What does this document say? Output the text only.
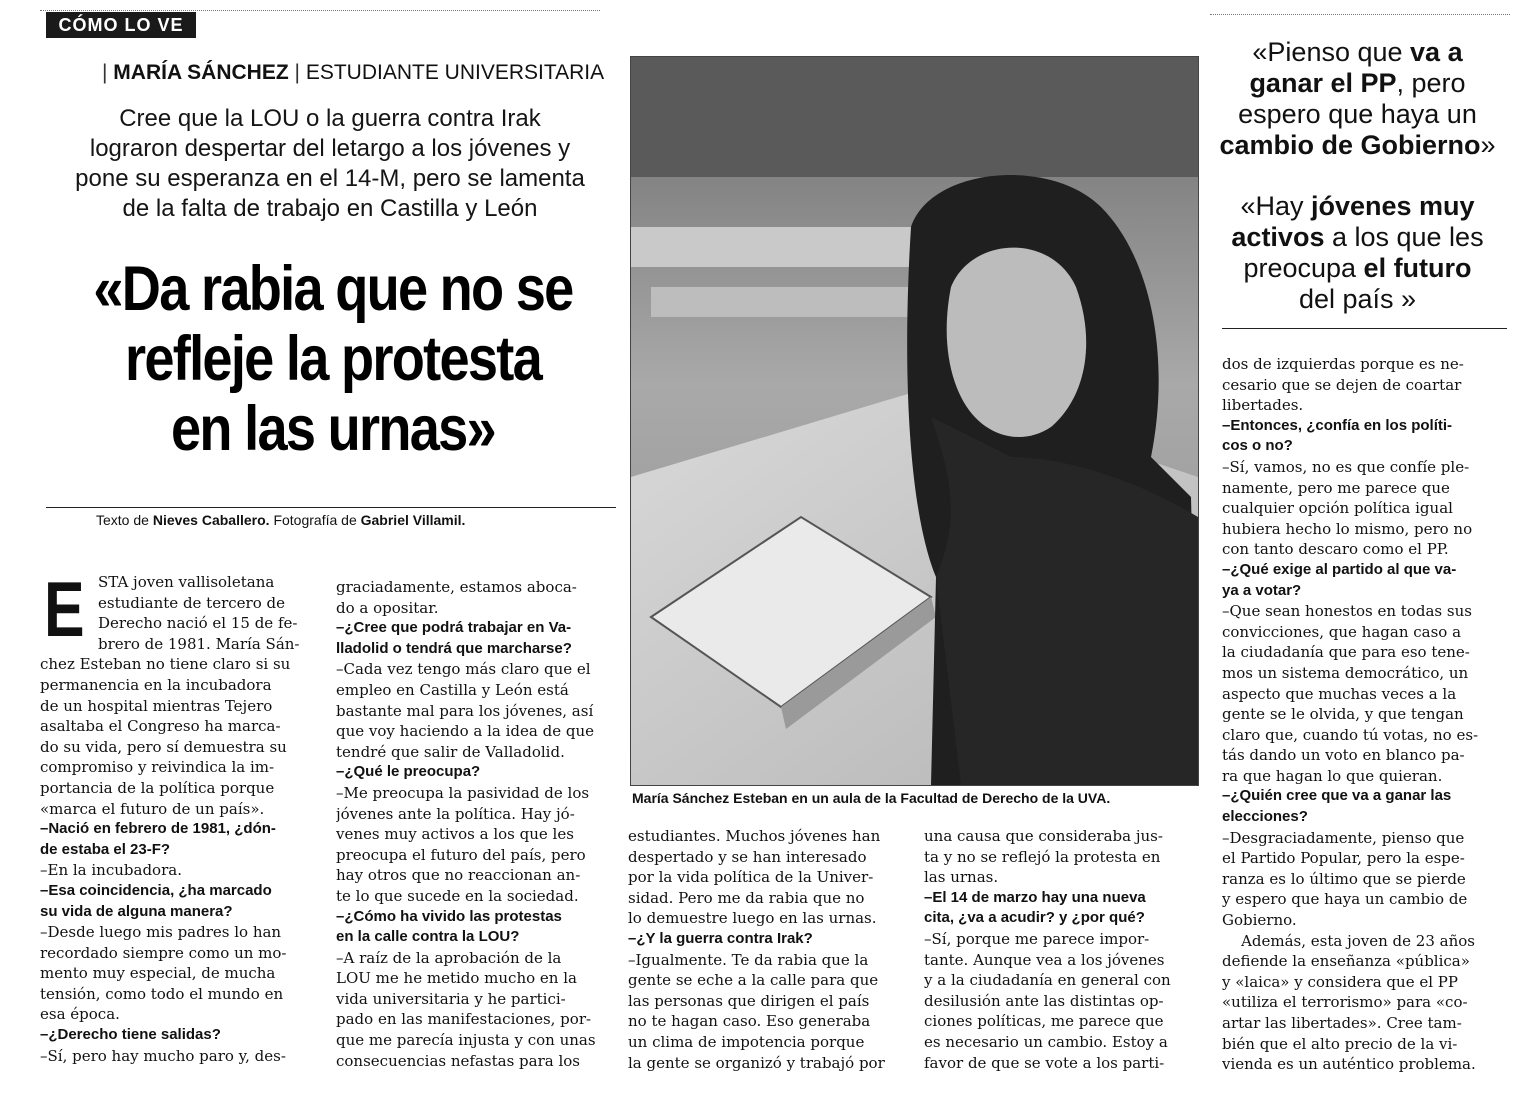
CÓMO LO VE
| MARÍA SÁNCHEZ | ESTUDIANTE UNIVERSITARIA
Cree que la LOU o la guerra contra Irak
lograron despertar del letargo a los jóvenes y
pone su esperanza en el 14-M, pero se lamenta
de la falta de trabajo en Castilla y León
«Da rabia que no se
refleje la protesta
en las urnas»
Texto de Nieves Caballero. Fotografía de Gabriel Villamil.
E STA joven vallisoletana
estudiante de tercero de
Derecho nació el 15 de fe-
brero de 1981. María Sán-
chez Esteban no tiene claro si su
permanencia en la incubadora
de un hospital mientras Tejero
asaltaba el Congreso ha marca-
do su vida, pero sí demuestra su
compromiso y reivindica la im-
portancia de la política porque
«marca el futuro de un país».
–Nació en febrero de 1981, ¿dón-
de estaba el 23-F?
–En la incubadora.
–Esa coincidencia, ¿ha marcado
su vida de alguna manera?
–Desde luego mis padres lo han
recordado siempre como un mo-
mento muy especial, de mucha
tensión, como todo el mundo en
esa época.
–¿Derecho tiene salidas?
–Sí, pero hay mucho paro y, des-
graciadamente, estamos aboca-
do a opositar.
–¿Cree que podrá trabajar en Va-
lladolid o tendrá que marcharse?
–Cada vez tengo más claro que el
empleo en Castilla y León está
bastante mal para los jóvenes, así
que voy haciendo a la idea de que
tendré que salir de Valladolid.
–¿Qué le preocupa?
–Me preocupa la pasividad de los
jóvenes ante la política. Hay jó-
venes muy activos a los que les
preocupa el futuro del país, pero
hay otros que no reaccionan an-
te lo que sucede en la sociedad.
–¿Cómo ha vivido las protestas
en la calle contra la LOU?
–A raíz de la aprobación de la
LOU me he metido mucho en la
vida universitaria y he partici-
pado en las manifestaciones, por-
que me parecía injusta y con unas
consecuencias nefastas para los
María Sánchez Esteban en un aula de la Facultad de Derecho de la UVA.
estudiantes. Muchos jóvenes han
despertado y se han interesado
por la vida política de la Univer-
sidad. Pero me da rabia que no
lo demuestre luego en las urnas.
–¿Y la guerra contra Irak?
–Igualmente. Te da rabia que la
gente se eche a la calle para que
las personas que dirigen el país
no te hagan caso. Eso generaba
un clima de impotencia porque
la gente se organizó y trabajó por
una causa que consideraba jus-
ta y no se reflejó la protesta en
las urnas.
–El 14 de marzo hay una nueva
cita, ¿va a acudir? y ¿por qué?
–Sí, porque me parece impor-
tante. Aunque vea a los jóvenes
y a la ciudadanía en general con
desilusión ante las distintas op-
ciones políticas, me parece que
es necesario un cambio. Estoy a
favor de que se vote a los parti-
«Pienso que va a
ganar el PP, pero
espero que haya un
cambio de Gobierno»
«Hay jóvenes muy
activos a los que les
preocupa el futuro
del país »
dos de izquierdas porque es ne-
cesario que se dejen de coartar
libertades.
–Entonces, ¿confía en los políti-
cos o no?
–Sí, vamos, no es que confíe ple-
namente, pero me parece que
cualquier opción política igual
hubiera hecho lo mismo, pero no
con tanto descaro como el PP.
–¿Qué exige al partido al que va-
ya a votar?
–Que sean honestos en todas sus
convicciones, que hagan caso a
la ciudadanía que para eso tene-
mos un sistema democrático, un
aspecto que muchas veces a la
gente se le olvida, y que tengan
claro que, cuando tú votas, no es-
tás dando un voto en blanco pa-
ra que hagan lo que quieran.
–¿Quién cree que va a ganar las
elecciones?
–Desgraciadamente, pienso que
el Partido Popular, pero la espe-
ranza es lo último que se pierde
y espero que haya un cambio de
Gobierno.
Además, esta joven de 23 años
defiende la enseñanza «pública»
y «laica» y considera que el PP
«utiliza el terrorismo» para «co-
artar las libertades». Cree tam-
bién que el alto precio de la vi-
vienda es un auténtico problema.
